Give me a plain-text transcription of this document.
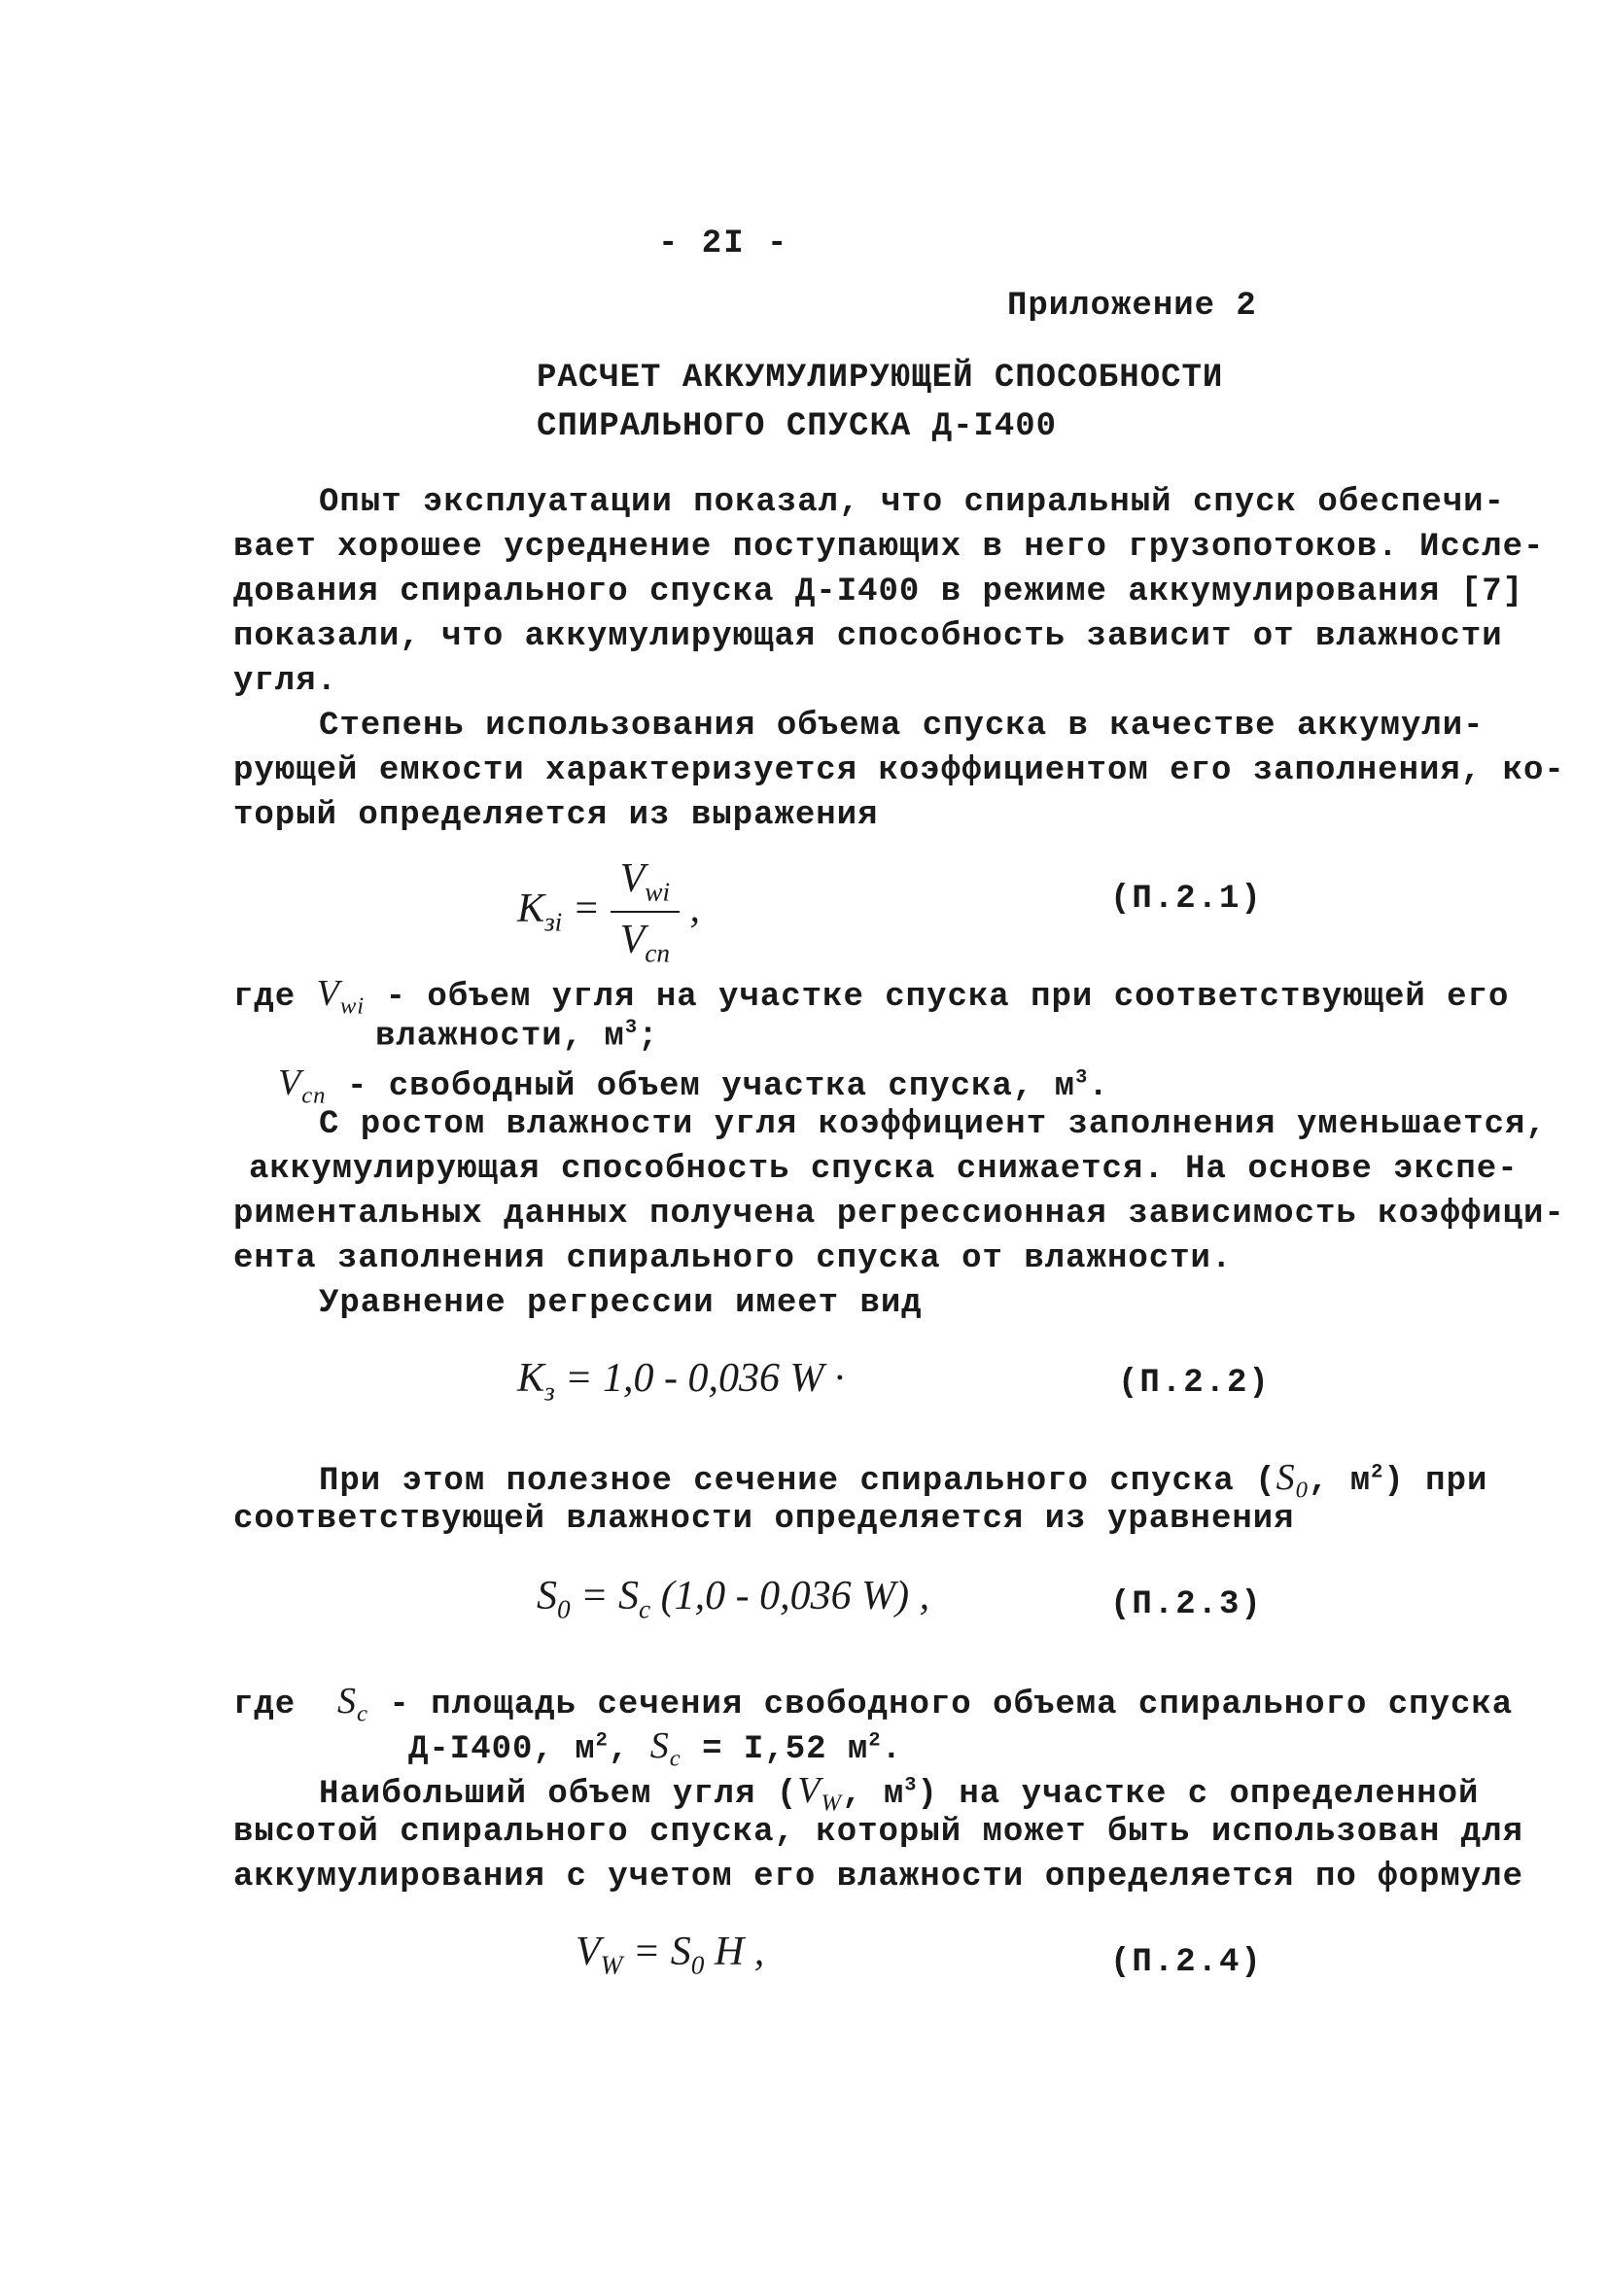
- 2I -
Приложение 2
РАСЧЕТ АККУМУЛИРУЮЩЕЙ СПОСОБНОСТИ
СПИРАЛЬНОГО СПУСКА Д-I400
Опыт эксплуатации показал, что спиральный спуск обеспечи-
вает хорошее усреднение поступающих в него грузопотоков. Иссле-
дования спирального спуска Д-I400 в режиме аккумулирования [7]
показали, что аккумулирующая способность зависит от влажности
угля.
Степень использования объема спуска в качестве аккумули-
рующей емкости характеризуется коэффициентом его заполнения, ко-
торый определяется из выражения
$K_{зi} = \frac{V_{wi}}{V_{сп}}$ ,	(П.2.1)
где $V_{wi}$ - объем угля на участке спуска при соответствующей его
влажности, $м^3$;
$V_{сп}$ - свободный объем участка спуска, $м^3$.
С ростом влажности угля коэффициент заполнения уменьшается,
аккумулирующая способность спуска снижается. На основе экспе-
риментальных данных получена регрессионная зависимость коэффици-
ента заполнения спирального спуска от влажности.
Уравнение регрессии имеет вид
$K_з = 1,0 - 0,036$ W ·	(П.2.2)
При этом полезное сечение спирального спуска ($S_0$, $м^2$) при
соответствующей влажности определяется из уравнения
$S_0 = S_с$ (1,0 - 0,036 W) ,	(П.2.3)
где $S_с$ - площадь сечения свободного объема спирального спуска
Д-I400, $м^2$, $S_с = I,52$ $м^2$.
Наибольший объем угля ($V_W$, $м^3$) на участке с определенной
высотой спирального спуска, который может быть использован для
аккумулирования с учетом его влажности определяется по формуле
$V_W = S_0$ H ,	(П.2.4)
